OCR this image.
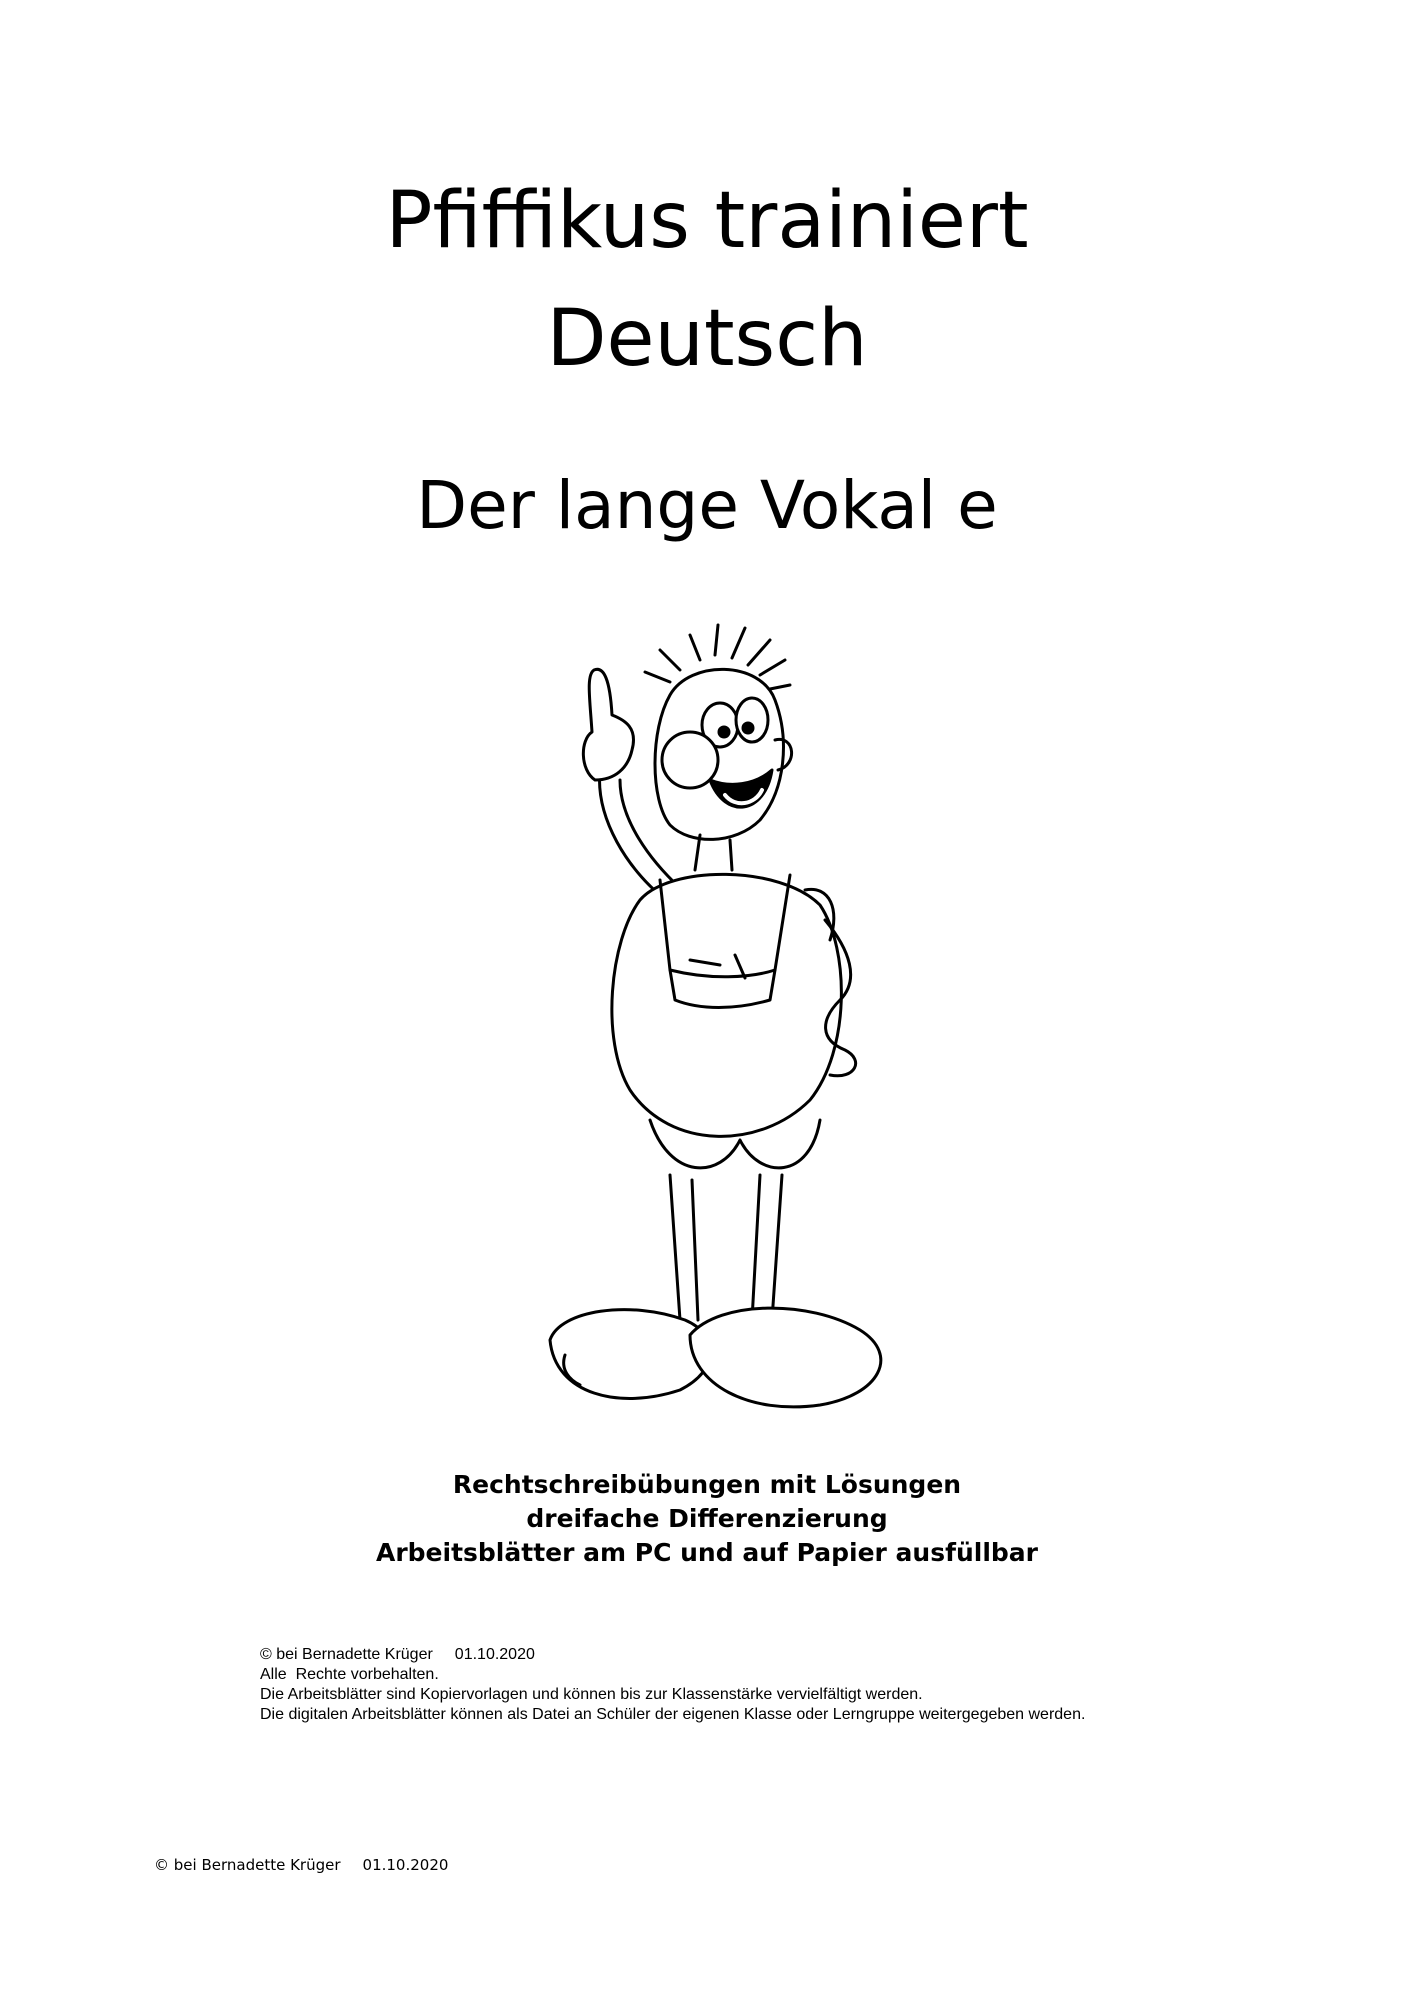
Pfiffikus trainiert
Deutsch
Der lange Vokal e
Rechtschreibübungen mit Lösungen
dreifache Differenzierung
Arbeitsblätter am PC und auf Papier ausfüllbar
© bei Bernadette Krüger 01.10.2020
Alle  Rechte vorbehalten.
Die Arbeitsblätter sind Kopiervorlagen und können bis zur Klassenstärke vervielfältigt werden.
Die digitalen Arbeitsblätter können als Datei an Schüler der eigenen Klasse oder Lerngruppe weitergegeben werden.
© bei Bernadette Krüger 01.10.2020
